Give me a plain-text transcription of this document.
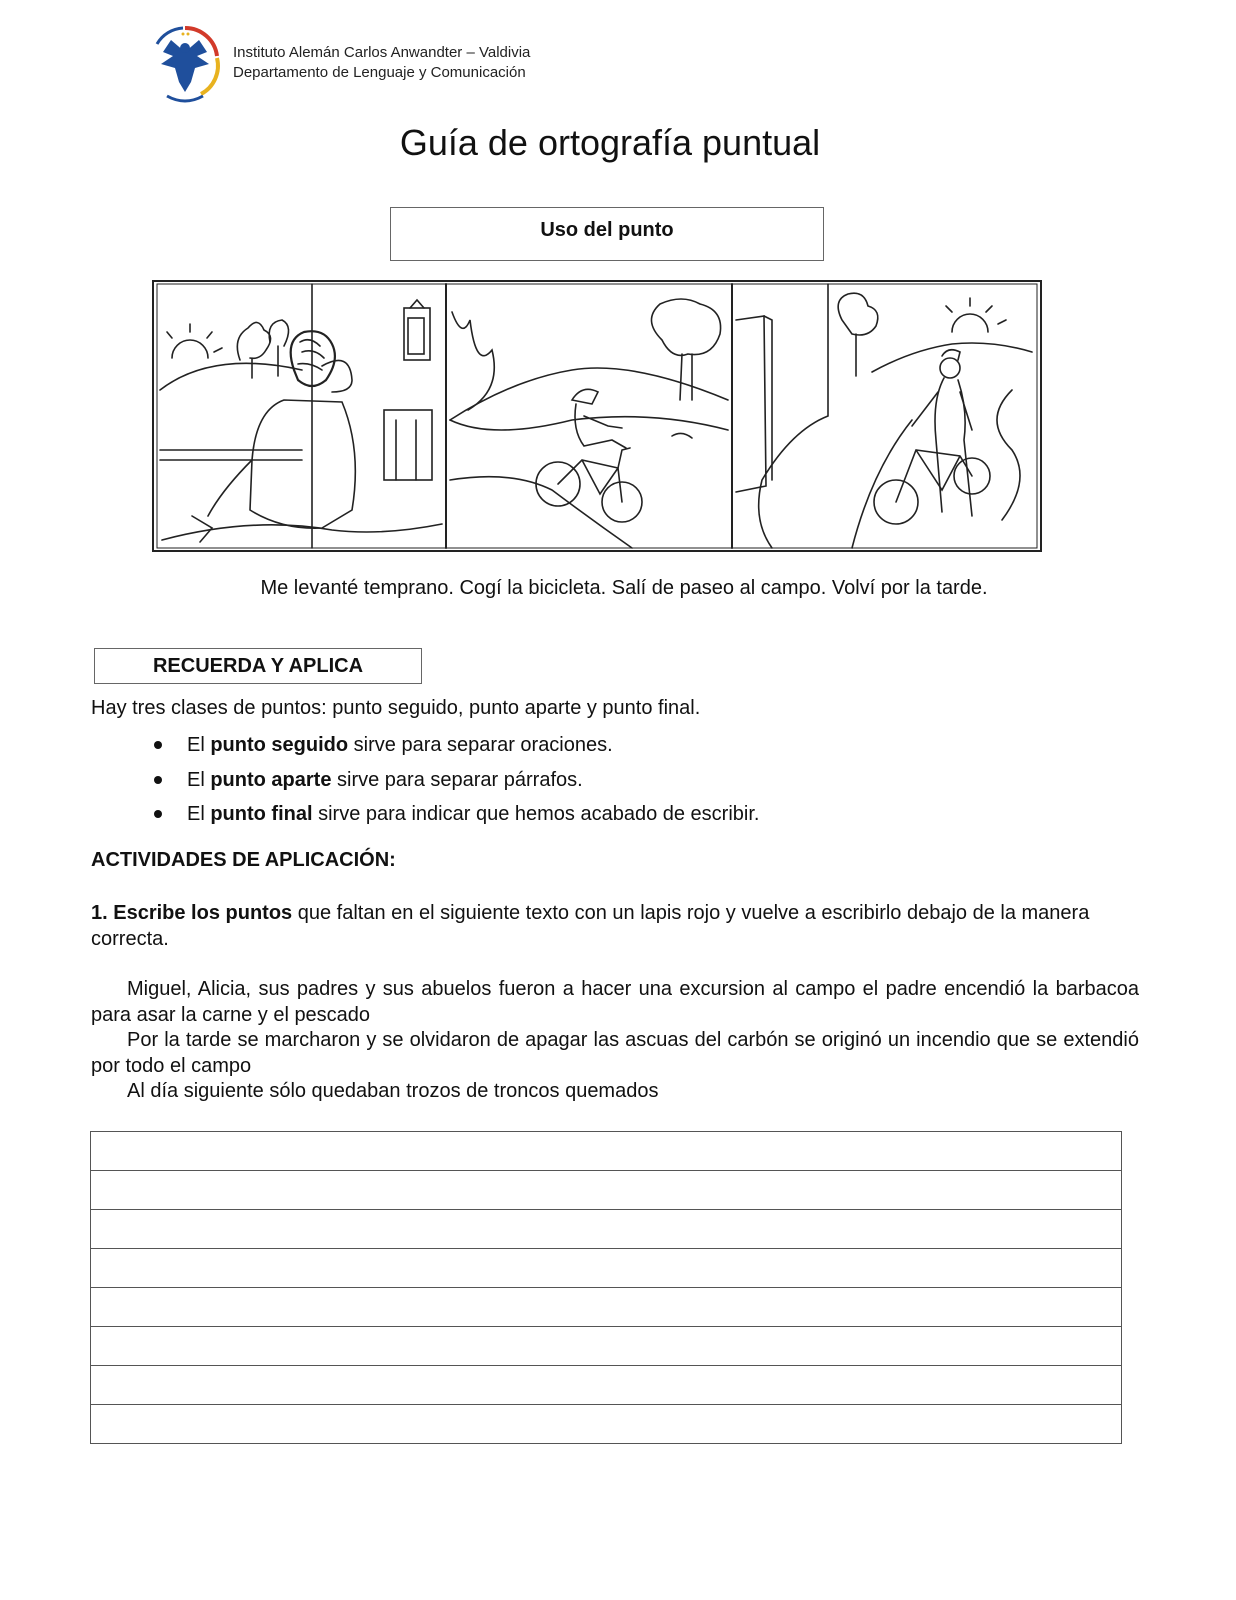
Instituto Alemán Carlos Anwandter – Valdivia
Departamento de Lenguaje y Comunicación
Guía de ortografía puntual
Uso del punto
Me levanté temprano. Cogí la bicicleta. Salí de paseo al campo. Volví por la tarde.
RECUERDA Y APLICA
Hay tres clases de puntos: punto seguido, punto aparte y punto final.
El punto seguido sirve para separar oraciones.
El punto aparte sirve para separar párrafos.
El punto final sirve para indicar que hemos acabado de escribir.
ACTIVIDADES DE APLICACIÓN:
1. Escribe los puntos que faltan en el siguiente texto con un lapis rojo y vuelve a escribirlo debajo de la manera correcta.

Miguel, Alicia, sus padres y sus abuelos fueron a hacer una excursion al campo el padre encendió la barbacoa para asar la carne y el pescado

Por la tarde se marcharon y se olvidaron de apagar las ascuas del carbón se originó un incendio que se extendió por todo el campo

Al día siguiente sólo quedaban trozos de troncos quemados
